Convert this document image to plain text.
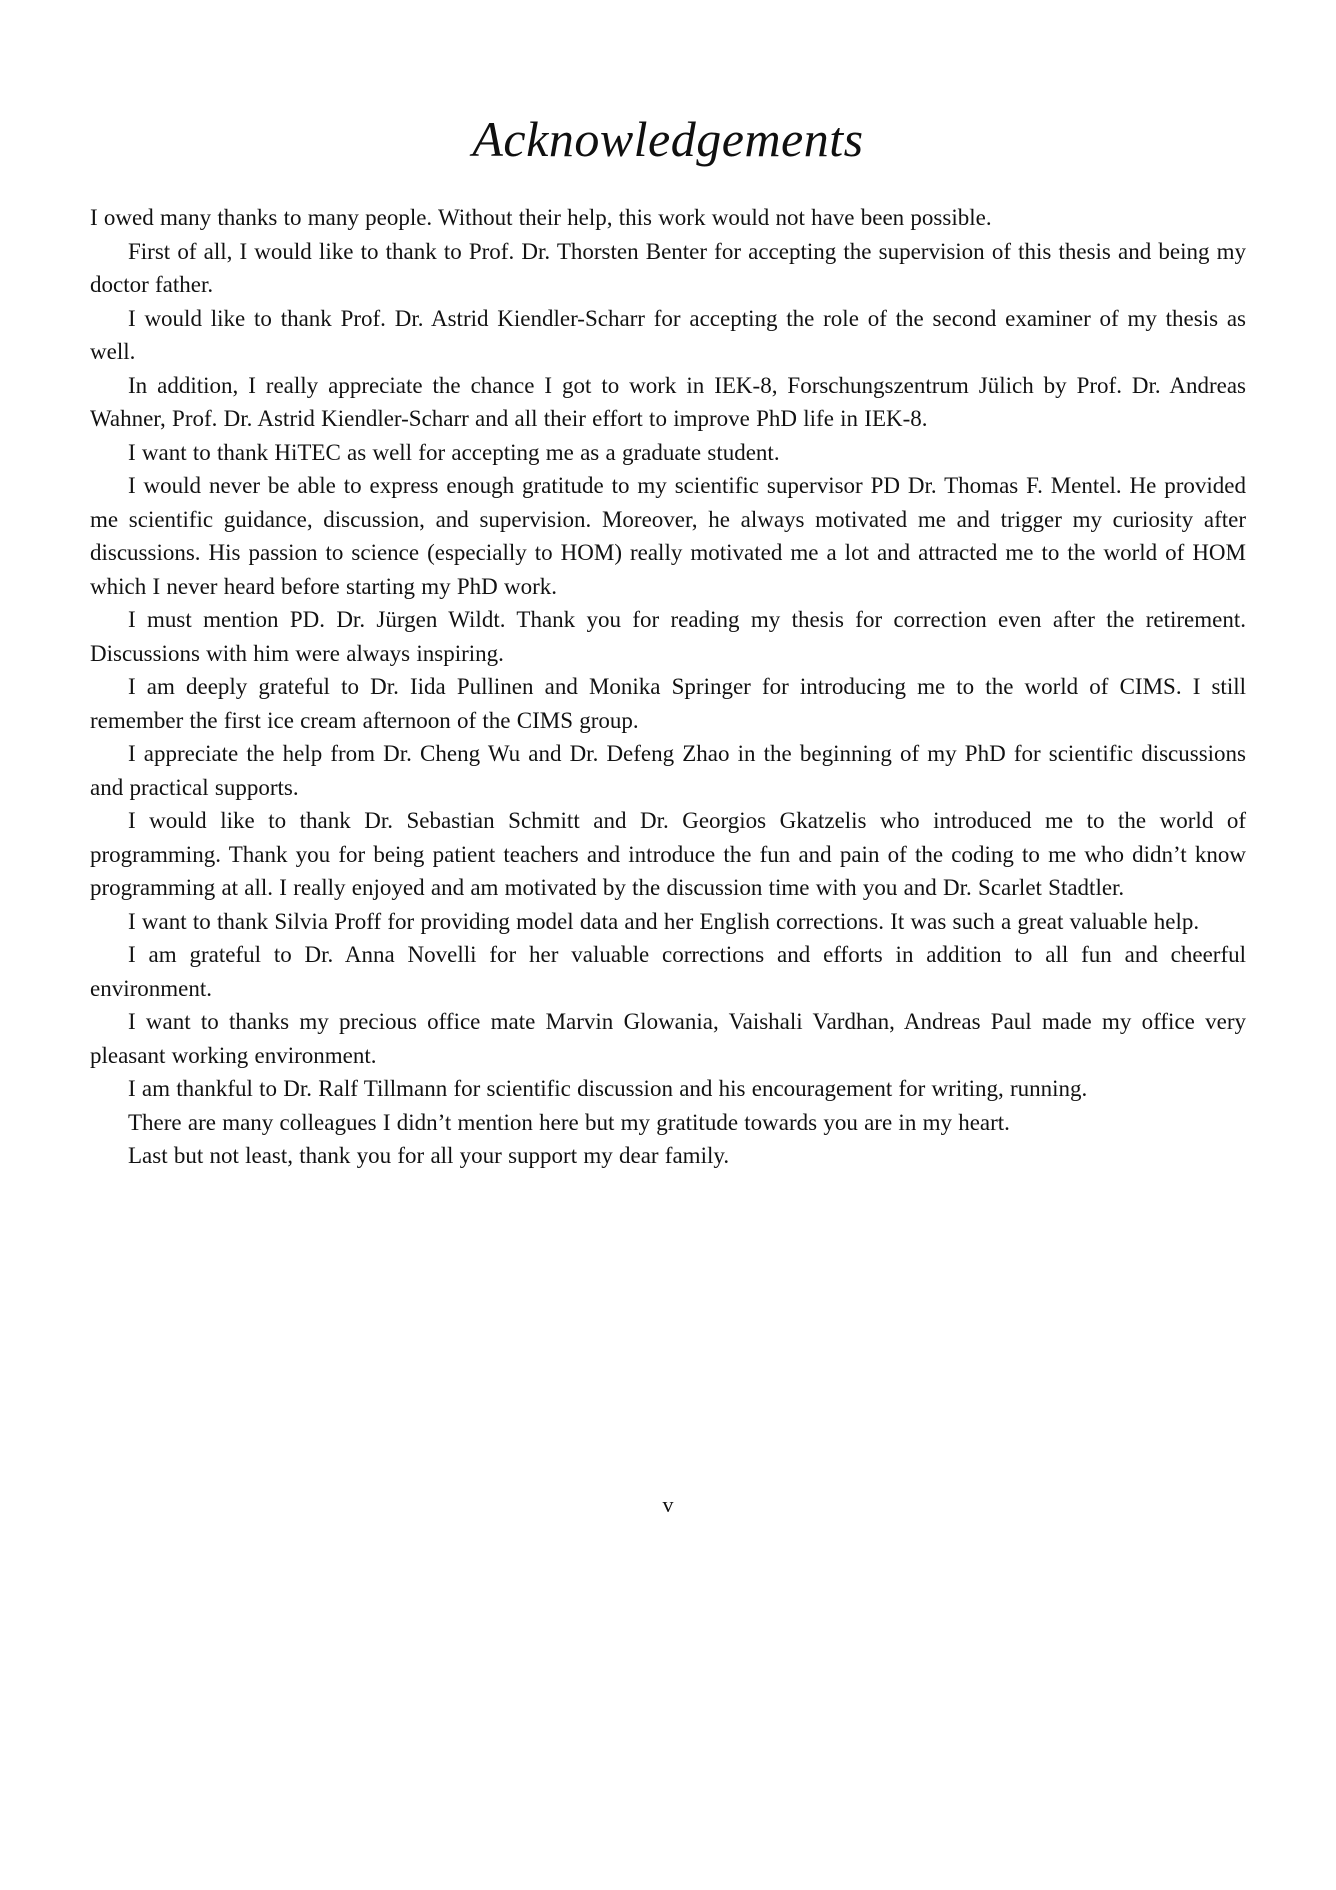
Acknowledgements

I owed many thanks to many people. Without their help, this work would not have been possible.

First of all, I would like to thank to Prof. Dr. Thorsten Benter for accepting the supervision of this thesis and being my doctor father.

I would like to thank Prof. Dr. Astrid Kiendler-Scharr for accepting the role of the second examiner of my thesis as well.

In addition, I really appreciate the chance I got to work in IEK-8, Forschungszentrum Jülich by Prof. Dr. Andreas Wahner, Prof. Dr. Astrid Kiendler-Scharr and all their effort to improve PhD life in IEK-8.

I want to thank HiTEC as well for accepting me as a graduate student.

I would never be able to express enough gratitude to my scientific supervisor PD Dr. Thomas F. Mentel. He provided me scientific guidance, discussion, and supervision. Moreover, he always motivated me and trigger my curiosity after discussions. His passion to science (especially to HOM) really motivated me a lot and attracted me to the world of HOM which I never heard before starting my PhD work.

I must mention PD. Dr. Jürgen Wildt. Thank you for reading my thesis for correction even after the retirement. Discussions with him were always inspiring.

I am deeply grateful to Dr. Iida Pullinen and Monika Springer for introducing me to the world of CIMS. I still remember the first ice cream afternoon of the CIMS group.

I appreciate the help from Dr. Cheng Wu and Dr. Defeng Zhao in the beginning of my PhD for scientific discussions and practical supports.

I would like to thank Dr. Sebastian Schmitt and Dr. Georgios Gkatzelis who introduced me to the world of programming. Thank you for being patient teachers and introduce the fun and pain of the coding to me who didn’t know programming at all. I really enjoyed and am motivated by the discussion time with you and Dr. Scarlet Stadtler.

I want to thank Silvia Proff for providing model data and her English corrections. It was such a great valuable help.

I am grateful to Dr. Anna Novelli for her valuable corrections and efforts in addition to all fun and cheerful environment.

I want to thanks my precious office mate Marvin Glowania, Vaishali Vardhan, Andreas Paul made my office very pleasant working environment.

I am thankful to Dr. Ralf Tillmann for scientific discussion and his encouragement for writing, running.

There are many colleagues I didn’t mention here but my gratitude towards you are in my heart.

Last but not least, thank you for all your support my dear family.

v
